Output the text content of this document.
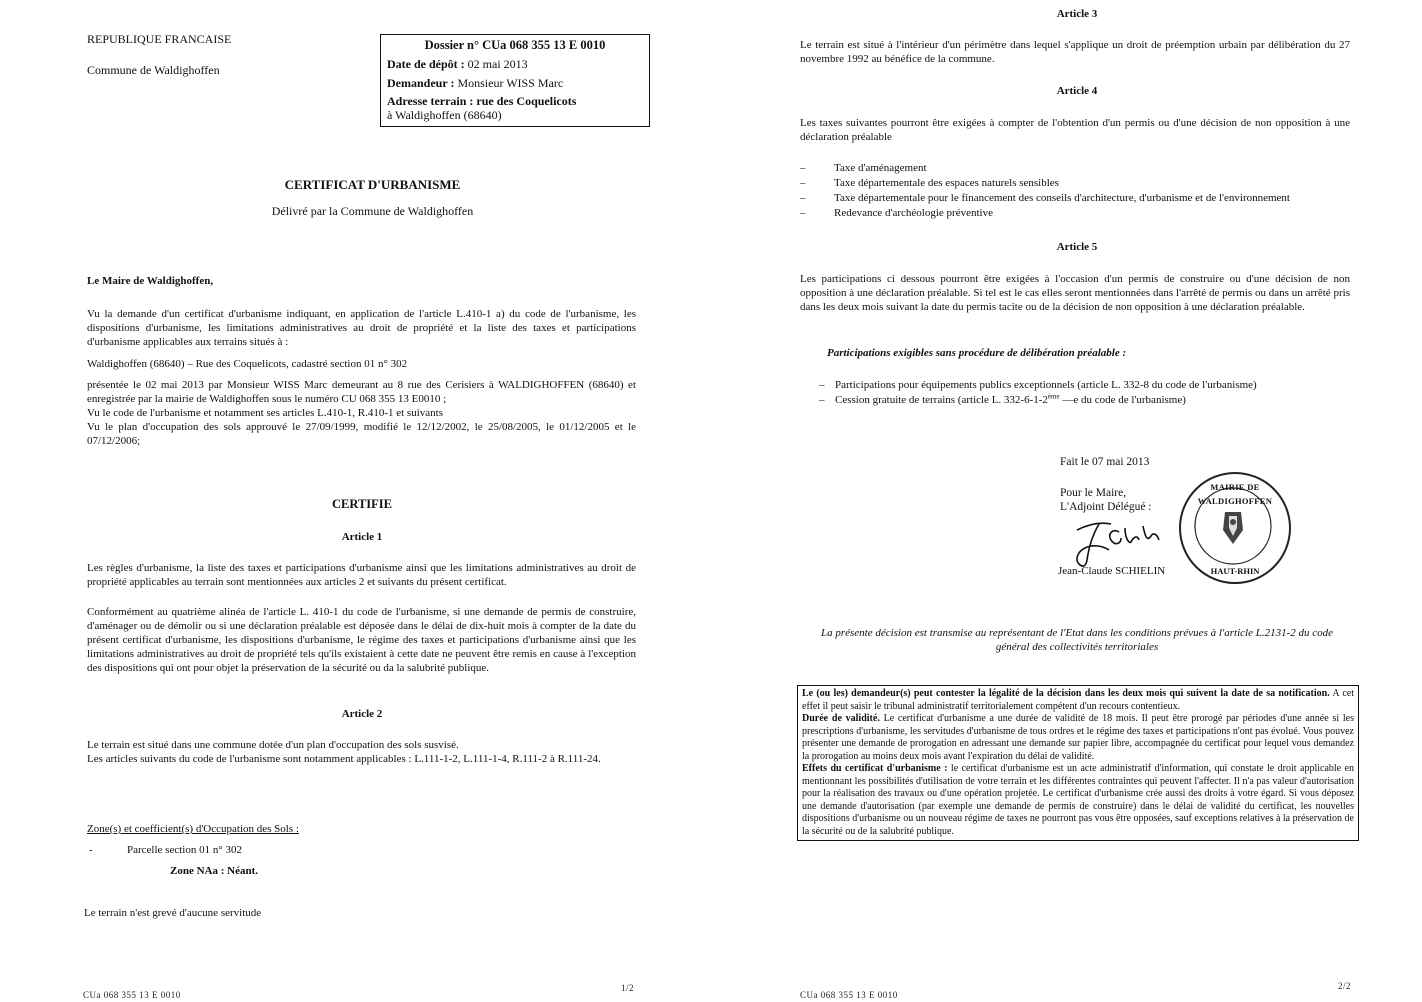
REPUBLIQUE FRANCAISE
Commune de Waldighoffen
Dossier n° CUa 068 355 13 E 0010
Date de dépôt : 02 mai 2013
Demandeur : Monsieur WISS Marc
Adresse terrain : rue des Coquelicots
à Waldighoffen (68640)
CERTIFICAT D'URBANISME
Délivré par la Commune de Waldighoffen
Le Maire de Waldighoffen,
Vu la demande d'un certificat d'urbanisme indiquant, en application de l'article L.410-1 a) du code de l'urbanisme, les dispositions d'urbanisme, les limitations administratives au droit de propriété et la liste des taxes et participations d'urbanisme applicables aux terrains situés à :
Waldighoffen (68640) – Rue des Coquelicots, cadastré section 01 n° 302
présentée le 02 mai 2013 par Monsieur WISS Marc demeurant au 8 rue des Cerisiers à WALDIGHOFFEN (68640) et enregistrée par la mairie de Waldighoffen sous le numéro CU 068 355 13 E0010 ;
Vu le code de l'urbanisme et notamment ses articles L.410-1, R.410-1 et suivants
Vu le plan d'occupation des sols approuvé le 27/09/1999, modifié le 12/12/2002, le 25/08/2005, le 01/12/2005 et le 07/12/2006;
CERTIFIE
Article 1
Les règles d'urbanisme, la liste des taxes et participations d'urbanisme ainsi que les limitations administratives au droit de propriété applicables au terrain sont mentionnées aux articles 2 et suivants du présent certificat.
Conformément au quatrième alinéa de l'article L. 410-1 du code de l'urbanisme, si une demande de permis de construire, d'aménager ou de démolir ou si une déclaration préalable est déposée dans le délai de dix-huit mois à compter de la date du présent certificat d'urbanisme, les dispositions d'urbanisme, le régime des taxes et participations d'urbanisme ainsi que les limitations administratives au droit de propriété tels qu'ils existaient à cette date ne peuvent être remis en cause à l'exception des dispositions qui ont pour objet la préservation de la sécurité ou da la salubrité publique.
Article 2
Le terrain est situé dans une commune dotée d'un plan d'occupation des sols susvisé.
Les articles suivants du code de l'urbanisme sont notamment applicables : L.111-1-2, L.111-1-4, R.111-2 à R.111-24.
Zone(s) et coefficient(s) d'Occupation des Sols :
-	Parcelle section 01 n° 302
Zone NAa : Néant.
Le terrain n'est grevé d'aucune servitude
CUa 068 355 13 E 0010
1/2
Article 3
Le terrain est situé à l'intérieur d'un périmètre dans lequel s'applique un droit de préemption urbain par délibération du 27 novembre 1992 au bénéfice de la commune.
Article 4
Les taxes suivantes pourront être exigées à compter de l'obtention d'un permis ou d'une décision de non opposition à une déclaration préalable
– Taxe d'aménagement
– Taxe départementale des espaces naturels sensibles
– Taxe départementale pour le financement des conseils d'architecture, d'urbanisme et de l'environnement
– Redevance d'archéologie préventive
Article 5
Les participations ci dessous pourront être exigées à l'occasion d'un permis de construire ou d'une décision de non opposition à une déclaration préalable. Si tel est le cas elles seront mentionnées dans l'arrêté de permis ou dans un arrêté pris dans les deux mois suivant la date du permis tacite ou de la décision de non opposition à une déclaration préalable.
Participations exigibles sans procédure de délibération préalable :
– Participations pour équipements publics exceptionnels (article L. 332-8 du code de l'urbanisme)
– Cession gratuite de terrains (article L. 332-6-1-2ème —e du code de l'urbanisme)
Fait le 07 mai 2013
Pour le Maire,
L'Adjoint Délégué :
Jean-Claude SCHIELIN
MAIRIE DE WALDIGHOFFEN
HAUT-RHIN
La présente décision est transmise au représentant de l'Etat dans les conditions prévues à l'article L.2131-2 du code général des collectivités territoriales

Le (ou les) demandeur(s) peut contester la légalité de la décision dans les deux mois qui suivent la date de sa notification. A cet effet il peut saisir le tribunal administratif territorialement compétent d'un recours contentieux.

Durée de validité. Le certificat d'urbanisme a une durée de validité de 18 mois. Il peut être prorogé par périodes d'une année si les prescriptions d'urbanisme, les servitudes d'urbanisme de tous ordres et le régime des taxes et participations n'ont pas évolué. Vous pouvez présenter une demande de prorogation en adressant une demande sur papier libre, accompagnée du certificat pour lequel vous demandez la prorogation au moins deux mois avant l'expiration du délai de validité.

Effets du certificat d'urbanisme : le certificat d'urbanisme est un acte administratif d'information, qui constate le droit applicable en mentionnant les possibilités d'utilisation de votre terrain et les différentes contraintes qui peuvent l'affecter. Il n'a pas valeur d'autorisation pour la réalisation des travaux ou d'une opération projetée. Le certificat d'urbanisme crée aussi des droits à votre égard. Si vous déposez une demande d'autorisation (par exemple une demande de permis de construire) dans le délai de validité du certificat, les nouvelles dispositions d'urbanisme ou un nouveau régime de taxes ne pourront pas vous être opposées, sauf exceptions relatives à la préservation de la sécurité ou de la salubrité publique.

CUa 068 355 13 E 0010
2/2
